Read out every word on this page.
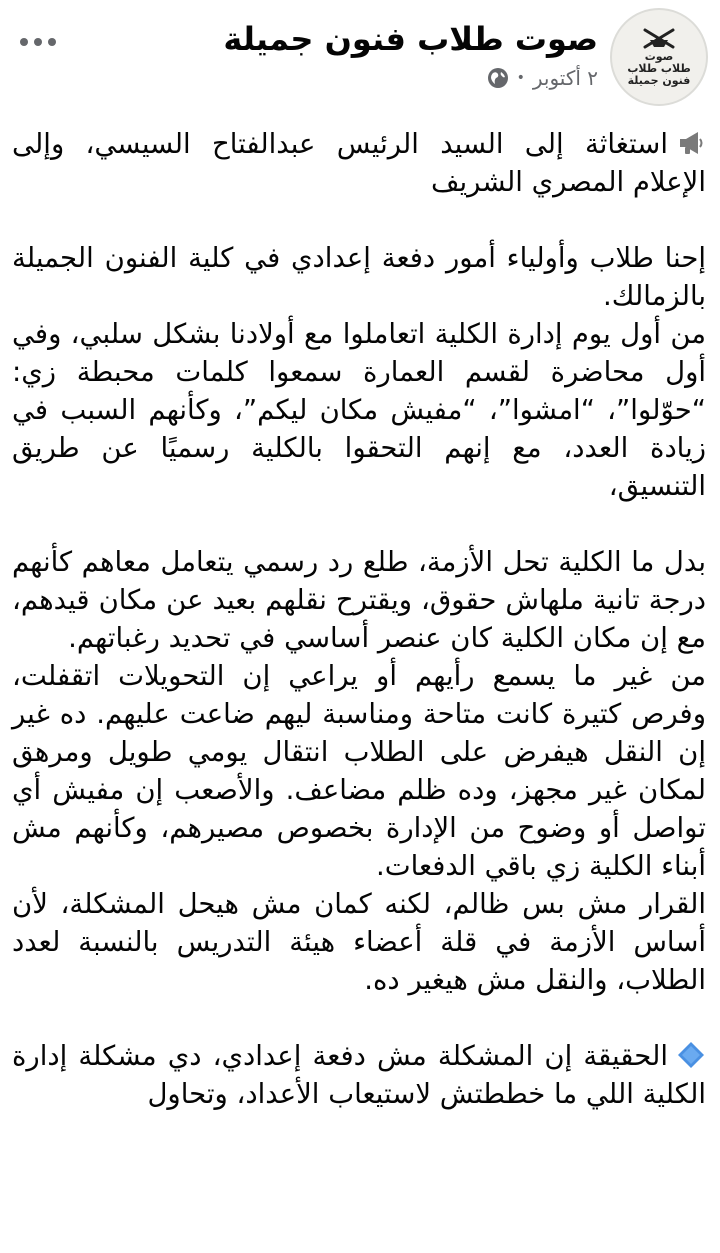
صوت
طلاب طلاب
فنون جميلة
صوت طلاب فنون جميلة
٢ أكتوبر
•

استغاثة إلى السيد الرئيس عبدالفتاح السيسي، وإلى الإعلام المصري الشريف

إحنا طلاب وأولياء أمور دفعة إعدادي في كلية الفنون الجميلة بالزمالك.
من أول يوم إدارة الكلية اتعاملوا مع أولادنا بشكل سلبي، وفي أول محاضرة لقسم العمارة سمعوا كلمات محبطة زي: “حوّلوا”، “امشوا”، “مفيش مكان ليكم”، وكأنهم السبب في زيادة العدد، مع إنهم التحقوا بالكلية رسميًا عن طريق التنسيق،

بدل ما الكلية تحل الأزمة، طلع رد رسمي يتعامل معاهم كأنهم درجة تانية ملهاش حقوق، ويقترح نقلهم بعيد عن مكان قيدهم، مع إن مكان الكلية كان عنصر أساسي في تحديد رغباتهم.
من غير ما يسمع رأيهم أو يراعي إن التحويلات اتقفلت، وفرص كتيرة كانت متاحة ومناسبة ليهم ضاعت عليهم. ده غير إن النقل هيفرض على الطلاب انتقال يومي طويل ومرهق لمكان غير مجهز، وده ظلم مضاعف. والأصعب إن مفيش أي تواصل أو وضوح من الإدارة بخصوص مصيرهم، وكأنهم مش أبناء الكلية زي باقي الدفعات.
القرار مش بس ظالم، لكنه كمان مش هيحل المشكلة، لأن أساس الأزمة في قلة أعضاء هيئة التدريس بالنسبة لعدد الطلاب، والنقل مش هيغير ده.

الحقيقة إن المشكلة مش دفعة إعدادي، دي مشكلة إدارة الكلية اللي ما خططتش لاستيعاب الأعداد، وتحاول
